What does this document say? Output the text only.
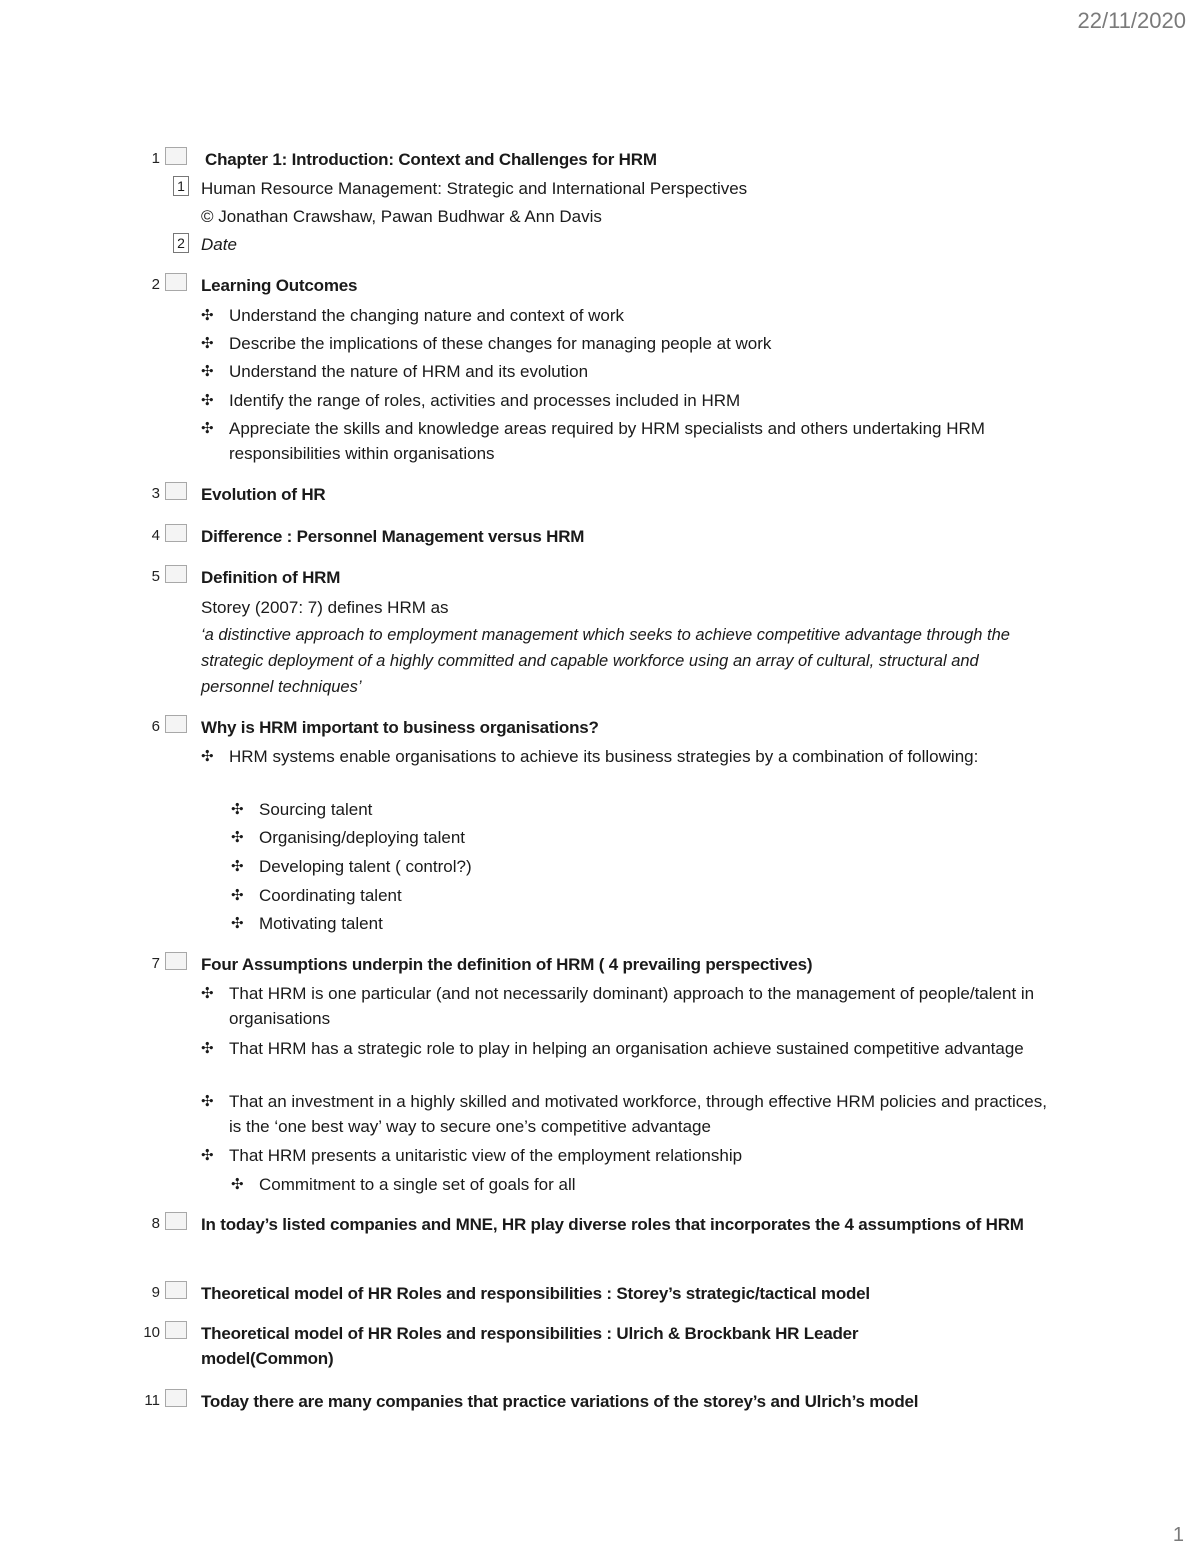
22/11/2020
1	Chapter 1: Introduction: Context and Challenges for HRM
1 Human Resource Management: Strategic and International Perspectives
© Jonathan Crawshaw, Pawan Budhwar & Ann Davis
2 Date
2 Learning Outcomes
✣ Understand the changing nature and context of work
✣ Describe the implications of these changes for managing people at work
✣ Understand the nature of HRM and its evolution
✣ Identify the range of roles, activities and processes included in HRM
✣ Appreciate the skills and knowledge areas required by HRM specialists and others undertaking HRM responsibilities within organisations
3 Evolution of HR
4 Difference : Personnel Management versus HRM
5 Definition of HRM
Storey (2007: 7) defines HRM as
‘a distinctive approach to employment management which seeks to achieve competitive advantage through the strategic deployment of a highly committed and capable workforce using an array of cultural, structural and personnel techniques’
6 Why is HRM important to business organisations?
✣ HRM systems enable organisations to achieve its business strategies by a combination of following:
✣ Sourcing talent
✣ Organising/deploying talent
✣ Developing talent ( control?)
✣ Coordinating talent
✣ Motivating talent
7 Four Assumptions underpin the definition of HRM ( 4 prevailing perspectives)
✣ That HRM is one particular (and not necessarily dominant) approach to the management of people/talent in organisations
✣ That HRM has a strategic role to play in helping an organisation achieve sustained competitive advantage
✣ That an investment in a highly skilled and motivated workforce, through effective HRM policies and practices, is the ‘one best way’ way to secure one’s competitive advantage
✣ That HRM presents a unitaristic view of the employment relationship
✣ Commitment to a single set of goals for all
8 In today’s listed companies and MNE, HR play diverse roles that incorporates the 4 assumptions of HRM
9 Theoretical model of HR Roles and responsibilities : Storey’s strategic/tactical model
10 Theoretical model of HR Roles and responsibilities : Ulrich & Brockbank HR Leader model(Common)
11 Today there are many companies that practice variations of the storey’s and Ulrich’s model
1
